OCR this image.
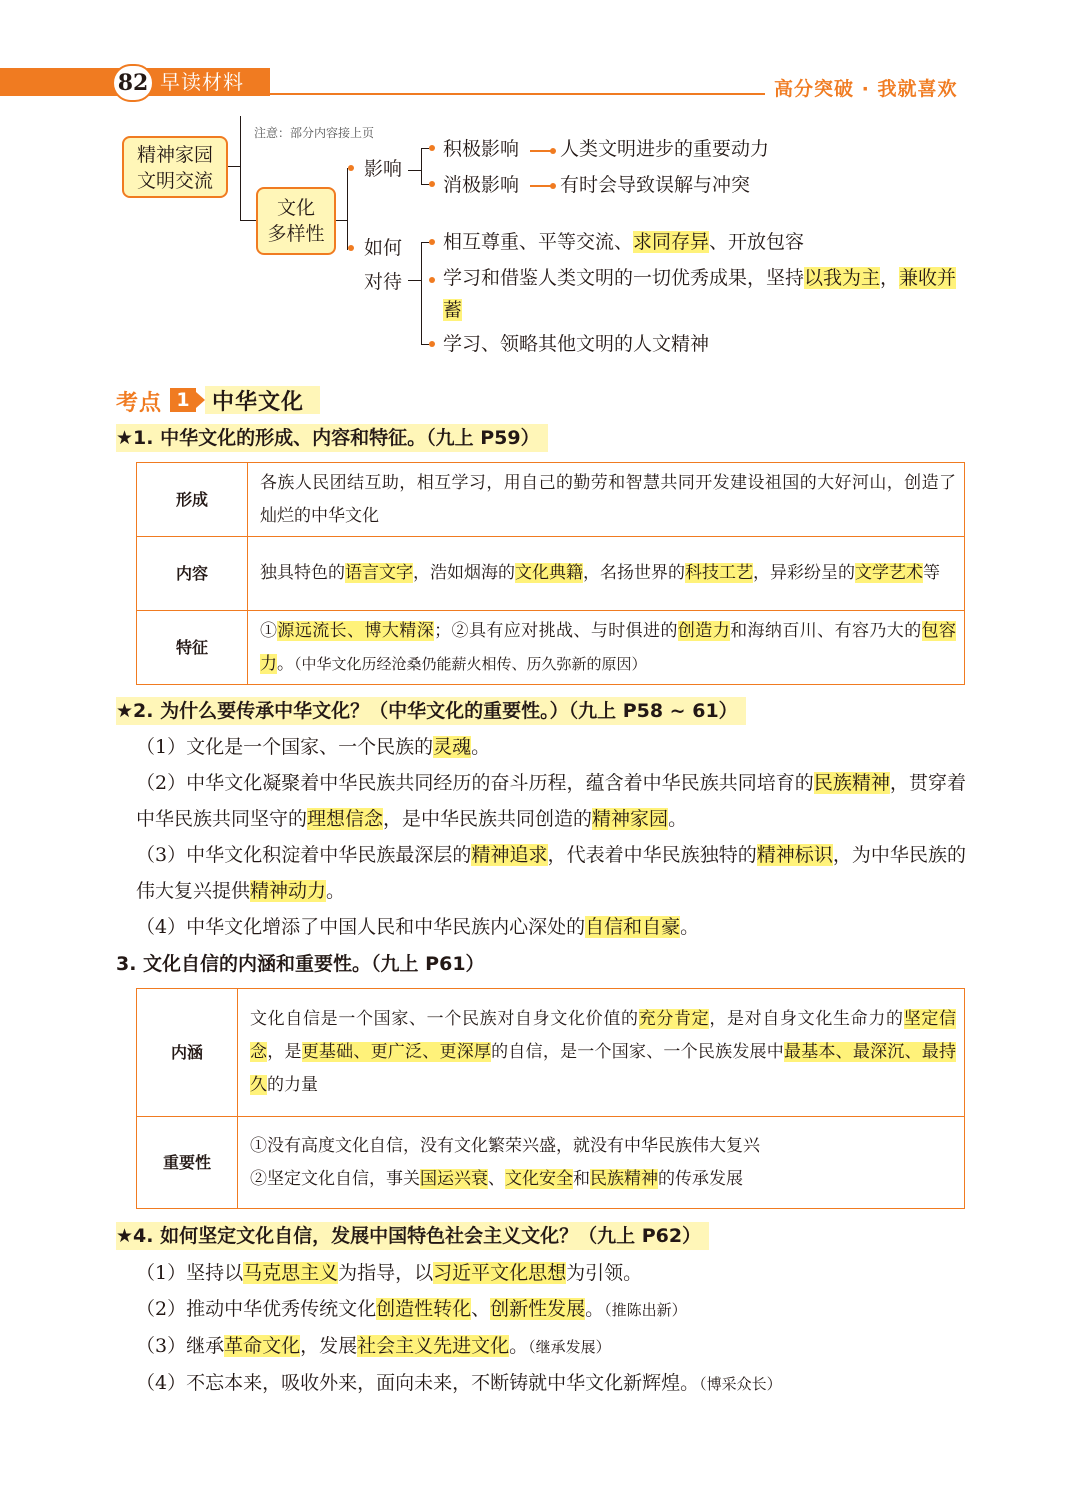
82 早读材料	高分突破 · 我就喜欢
注意：部分内容接上页
精神家园
文明交流
文化
多样性
影响
积极影响 人类文明进步的重要动力
消极影响 有时会导致误解与冲突
如何
对待
相互尊重、平等交流、求同存异、开放包容
学习和借鉴人类文明的一切优秀成果，坚持以我为主，兼收并蓄
学习、领略其他文明的人文精神
考点 1 中华文化
★1. 中华文化的形成、内容和特征。（九上 P59）
形成	各族人民团结互助，相互学习，用自己的勤劳和智慧共同开发建设祖国的大好河山，创造了灿烂的中华文化
内容	独具特色的语言文字，浩如烟海的文化典籍，名扬世界的科技工艺，异彩纷呈的文学艺术等
特征	①源远流长、博大精深；②具有应对挑战、与时俱进的创造力和海纳百川、有容乃大的包容力。（中华文化历经沧桑仍能薪火相传、历久弥新的原因）
★2. 为什么要传承中华文化？（中华文化的重要性。）（九上 P58 ~ 61）
（1）文化是一个国家、一个民族的灵魂。
（2）中华文化凝聚着中华民族共同经历的奋斗历程，蕴含着中华民族共同培育的民族精神，贯穿着中华民族共同坚守的理想信念，是中华民族共同创造的精神家园。
（3）中华文化积淀着中华民族最深层的精神追求，代表着中华民族独特的精神标识，为中华民族的伟大复兴提供精神动力。
（4）中华文化增添了中国人民和中华民族内心深处的自信和自豪。
3. 文化自信的内涵和重要性。（九上 P61）
内涵	文化自信是一个国家、一个民族对自身文化价值的充分肯定，是对自身文化生命力的坚定信念，是更基础、更广泛、更深厚的自信，是一个国家、一个民族发展中最基本、最深沉、最持久的力量
重要性	①没有高度文化自信，没有文化繁荣兴盛，就没有中华民族伟大复兴
②坚定文化自信，事关国运兴衰、文化安全和民族精神的传承发展
★4. 如何坚定文化自信，发展中国特色社会主义文化？（九上 P62）
（1）坚持以马克思主义为指导，以习近平文化思想为引领。
（2）推动中华优秀传统文化创造性转化、创新性发展。（推陈出新）
（3）继承革命文化，发展社会主义先进文化。（继承发展）
（4）不忘本来，吸收外来，面向未来，不断铸就中华文化新辉煌。（博采众长）
